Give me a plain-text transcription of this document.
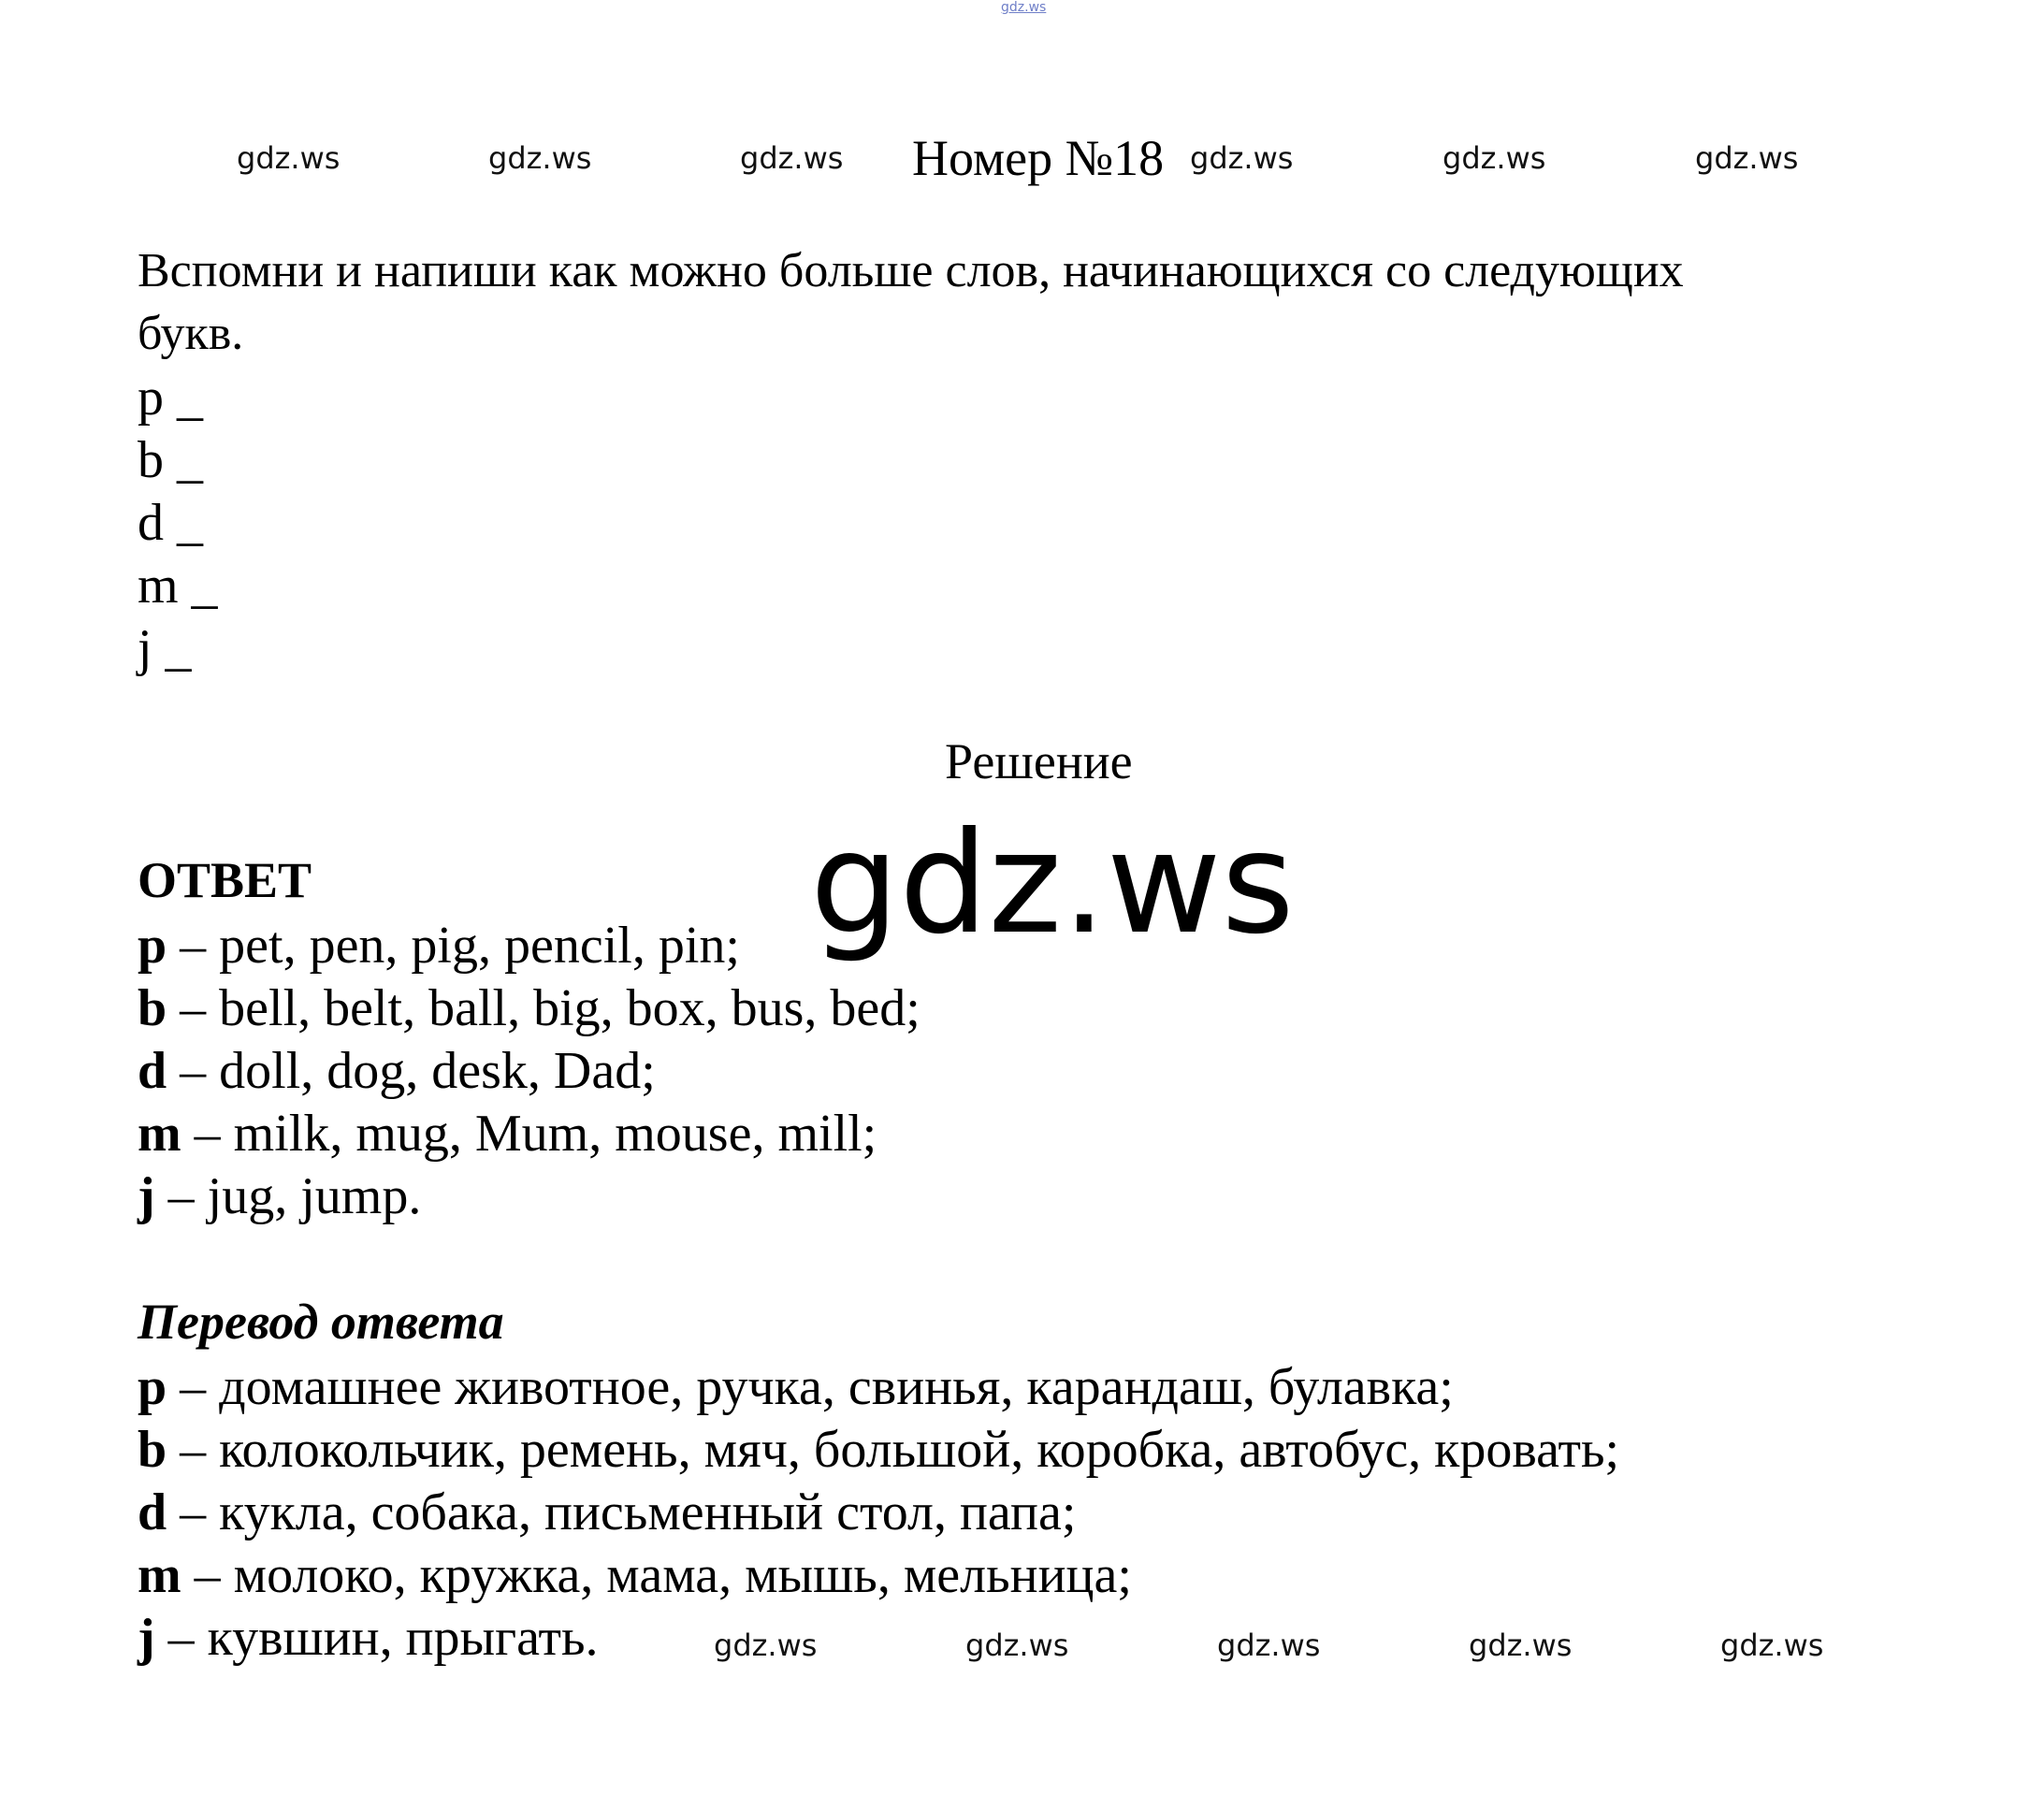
gdz.ws
gdz.ws	gdz.ws	gdz.ws Номер №18 gdz.ws	gdz.ws	gdz.ws
Вспомни и напиши как можно больше слов, начинающихся со следующих
букв.
p _
b _
d _
m _
j _
Решение
ОТВЕТ
p – pet, pen, pig, pencil, pin;
b – bell, belt, ball, big, box, bus, bed;
d – doll, dog, desk, Dad;
m – milk, mug, Mum, mouse, mill;
j – jug, jump.
gdz.ws
Перевод ответа
p – домашнее животное, ручка, свинья, карандаш, булавка;
b – колокольчик, ремень, мяч, большой, коробка, автобус, кровать;
d – кукла, собака, письменный стол, папа;
m – молоко, кружка, мама, мышь, мельница;
j – кувшин, прыгать.	gdz.ws	gdz.ws	gdz.ws	gdz.ws	gdz.ws
